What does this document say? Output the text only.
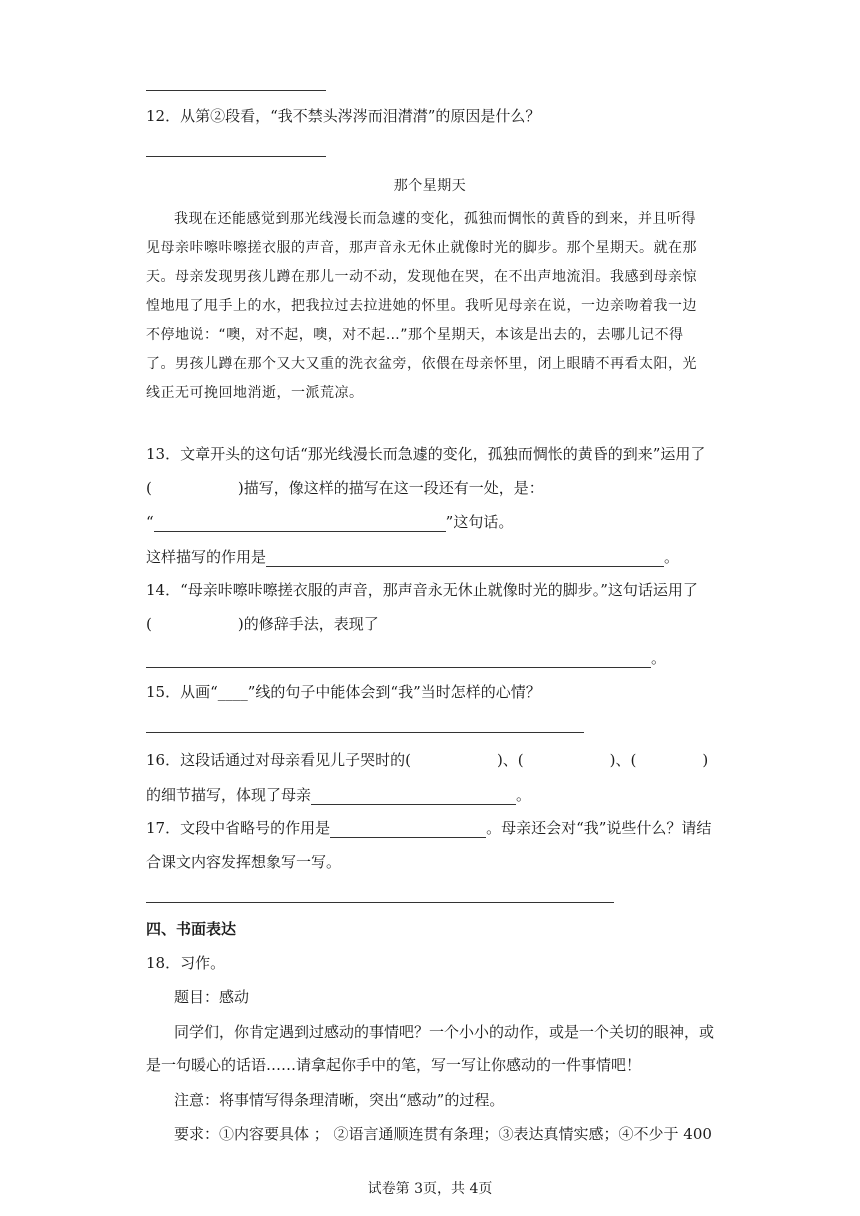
12．从第②段看，“我不禁头涔涔而泪潸潸”的原因是什么？
那个星期天
我现在还能感觉到那光线漫长而急遽的变化，孤独而惆怅的黄昏的到来，并且听得
见母亲咔嚓咔嚓搓衣服的声音，那声音永无休止就像时光的脚步。那个星期天。就在那
天。母亲发现男孩儿蹲在那儿一动不动，发现他在哭，在不出声地流泪。我感到母亲惊
惶地甩了甩手上的水，把我拉过去拉进她的怀里。我听见母亲在说，一边亲吻着我一边
不停地说：“噢，对不起，噢，对不起…”那个星期天，本该是出去的，去哪儿记不得
了。男孩儿蹲在那个又大又重的洗衣盆旁，依偎在母亲怀里，闭上眼睛不再看太阳，光
线正无可挽回地消逝，一派荒凉。
13．文章开头的这句话“那光线漫长而急遽的变化，孤独而惆怅的黄昏的到来”运用了
(	)描写，像这样的描写在这一段还有一处，是：
“	”这句话。
这样描写的作用是	。
14．“母亲咔嚓咔嚓搓衣服的声音，那声音永无休止就像时光的脚步。”这句话运用了
(	)的修辞手法，表现了
。
15．从画“____”线的句子中能体会到“我”当时怎样的心情？
16．这段话通过对母亲看见儿子哭时的(	)、(	)、(	)
的细节描写，体现了母亲	。
17．文段中省略号的作用是	。母亲还会对“我”说些什么？请结
合课文内容发挥想象写一写。
四、书面表达
18．习作。
题目：感动
同学们，你肯定遇到过感动的事情吧？一个小小的动作，或是一个关切的眼神，或
是一句暖心的话语……请拿起你手中的笔，写一写让你感动的一件事情吧！
注意：将事情写得条理清晰，突出“感动”的过程。
要求：①内容要具体 ； ②语言通顺连贯有条理；③表达真情实感；④不少于 400
试卷第 3页，共 4页
